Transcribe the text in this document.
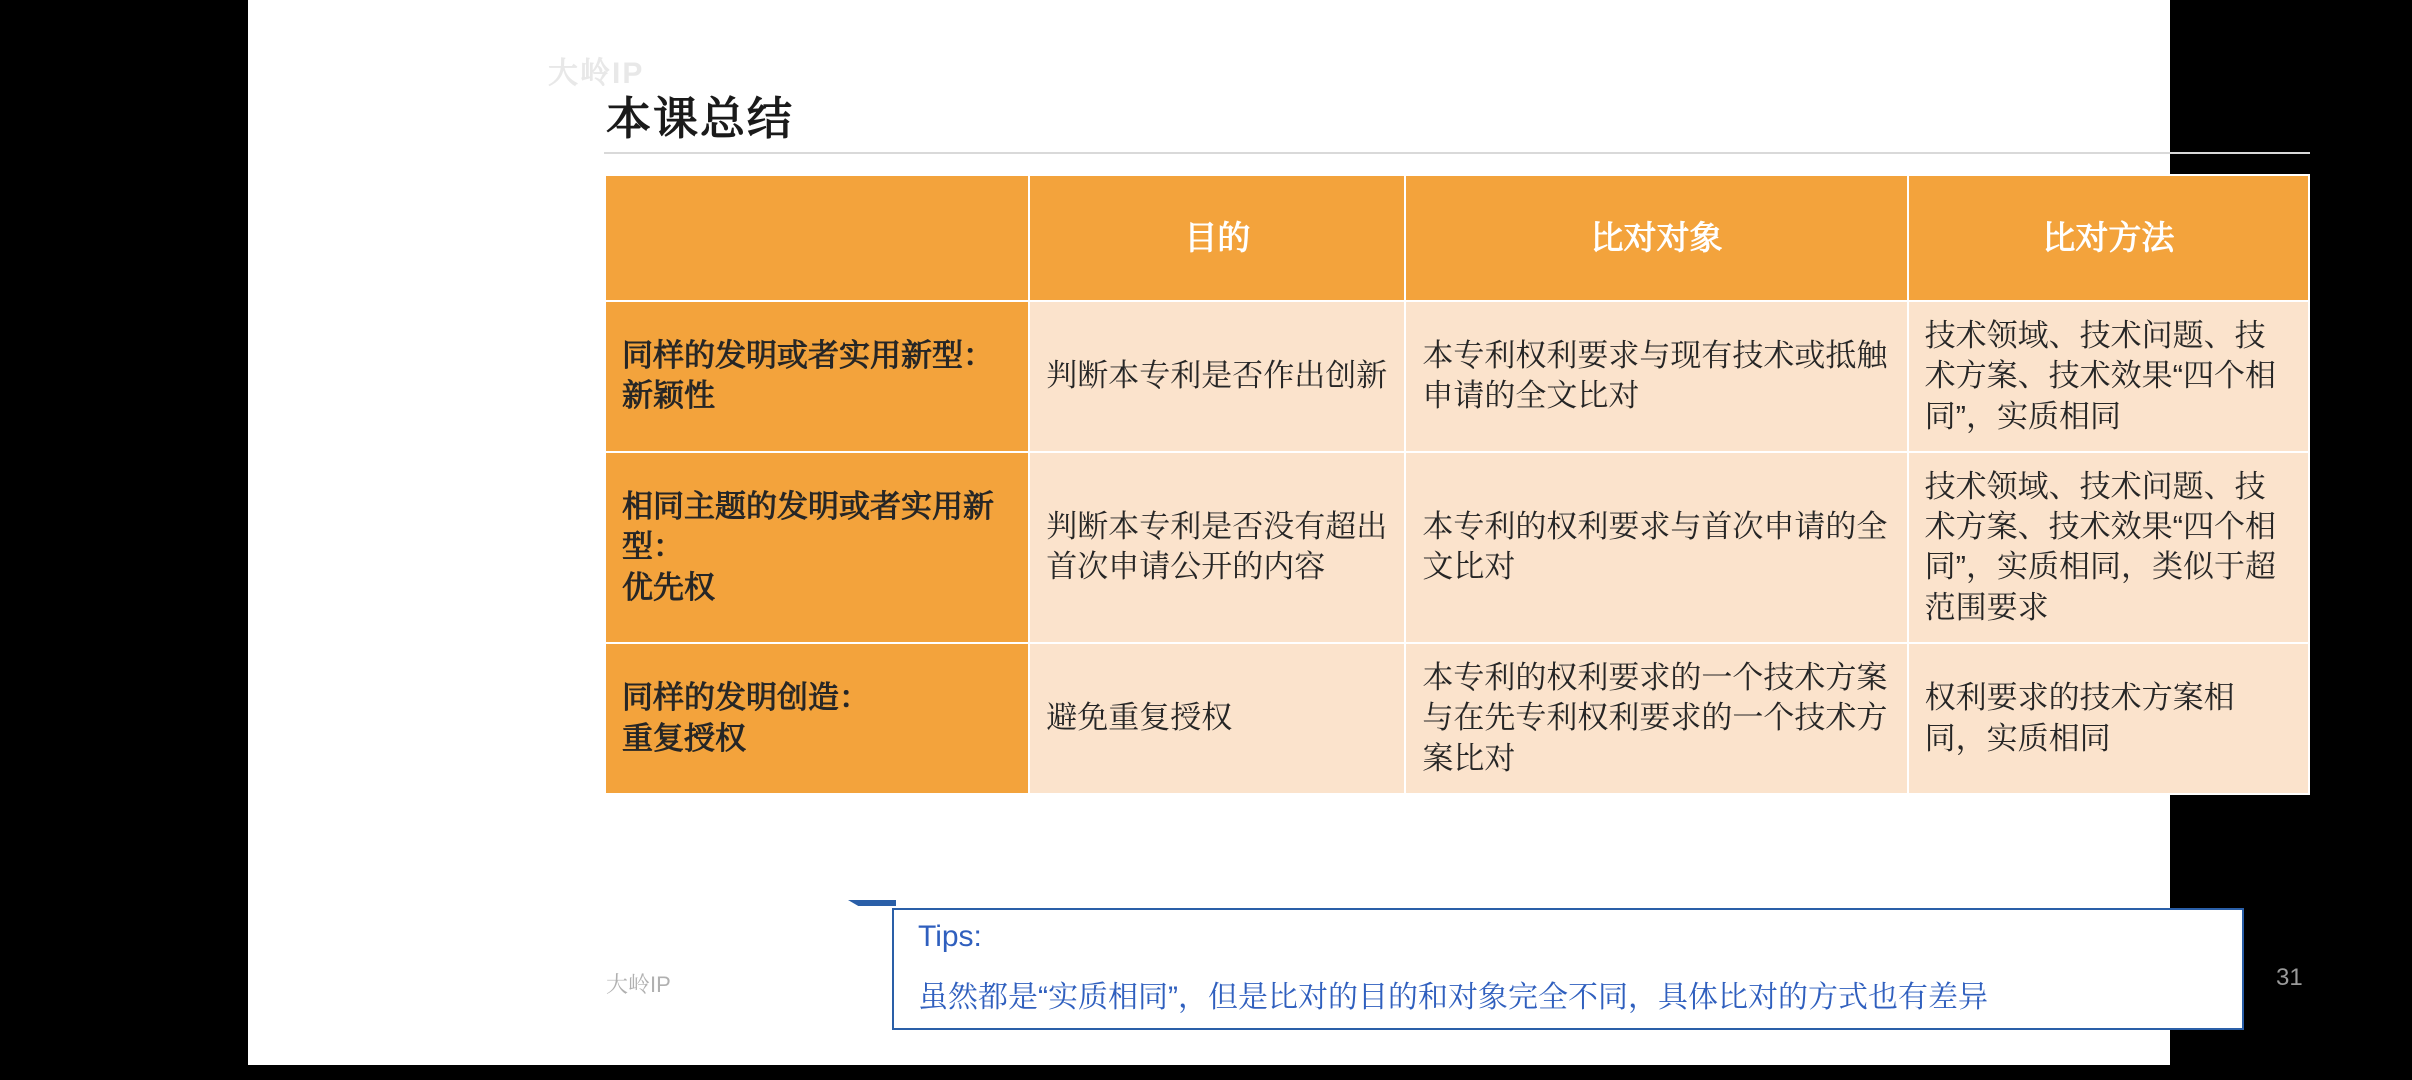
大岭IP
本课总结
	目的	比对对象	比对方法
同样的发明或者实用新型：
新颖性	判断本专利是否作出创新	本专利权利要求与现有技术或抵触申请的全文比对	技术领域、技术问题、技术方案、技术效果“四个相同”，实质相同
相同主题的发明或者实用新型：
优先权	判断本专利是否没有超出首次申请公开的内容	本专利的权利要求与首次申请的全文比对	技术领域、技术问题、技术方案、技术效果“四个相同”，实质相同，类似于超范围要求
同样的发明创造：
重复授权	避免重复授权	本专利的权利要求的一个技术方案与在先专利权利要求的一个技术方案比对	权利要求的技术方案相同，实质相同
Tips:
虽然都是“实质相同”，但是比对的目的和对象完全不同，具体比对的方式也有差异
大岭IP	31
